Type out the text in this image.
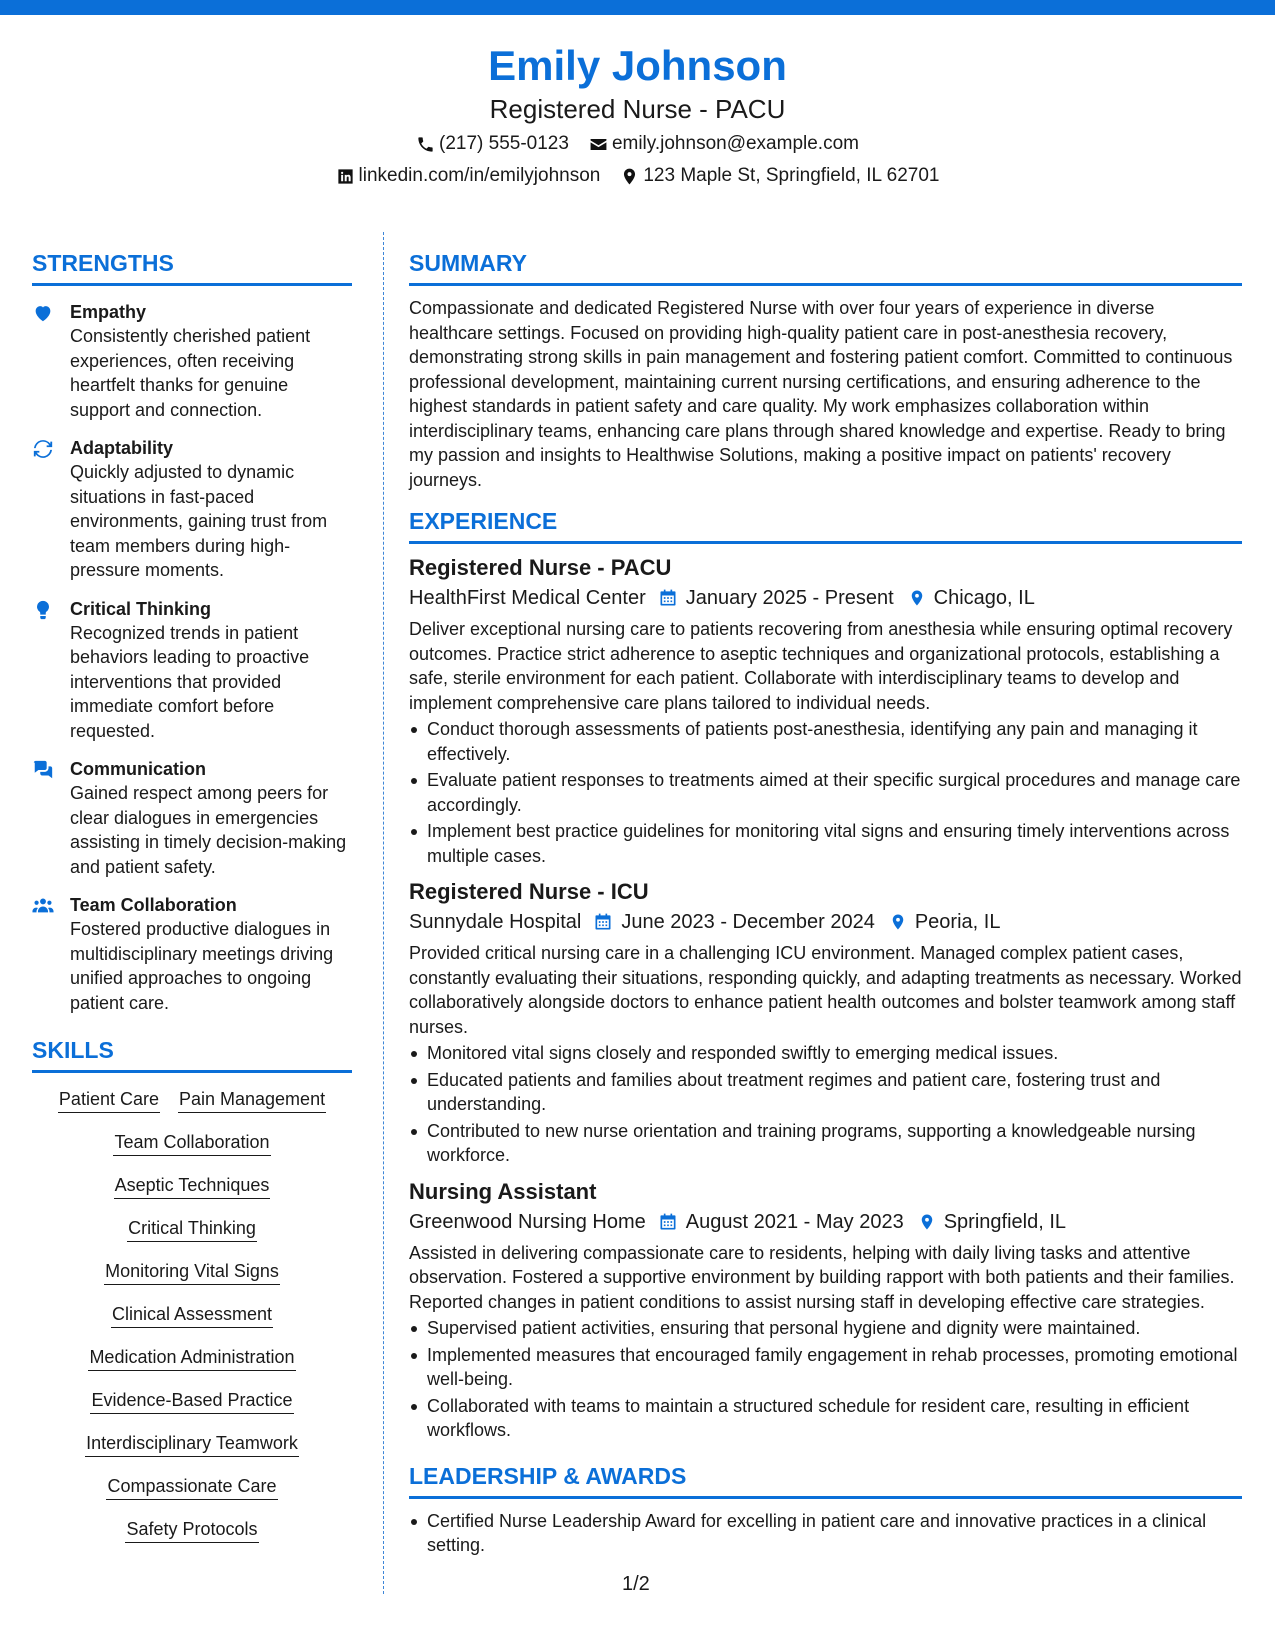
Emily Johnson
Registered Nurse - PACU
(217) 555-0123 emily.johnson@example.com
linkedin.com/in/emilyjohnson 123 Maple St, Springfield, IL 62701
STRENGTHS
Empathy
Consistently cherished patient experiences, often receiving heartfelt thanks for genuine support and connection.
Adaptability
Quickly adjusted to dynamic situations in fast-paced environments, gaining trust from team members during high-pressure moments.
Critical Thinking
Recognized trends in patient behaviors leading to proactive interventions that provided immediate comfort before requested.
Communication
Gained respect among peers for clear dialogues in emergencies assisting in timely decision-making and patient safety.
Team Collaboration
Fostered productive dialogues in multidisciplinary meetings driving unified approaches to ongoing patient care.
SKILLS
Patient Care Pain Management
Team Collaboration
Aseptic Techniques
Critical Thinking
Monitoring Vital Signs
Clinical Assessment
Medication Administration
Evidence-Based Practice
Interdisciplinary Teamwork
Compassionate Care
Safety Protocols
SUMMARY
Compassionate and dedicated Registered Nurse with over four years of experience in diverse healthcare settings. Focused on providing high-quality patient care in post-anesthesia recovery, demonstrating strong skills in pain management and fostering patient comfort. Committed to continuous professional development, maintaining current nursing certifications, and ensuring adherence to the highest standards in patient safety and care quality. My work emphasizes collaboration within interdisciplinary teams, enhancing care plans through shared knowledge and expertise. Ready to bring my passion and insights to Healthwise Solutions, making a positive impact on patients' recovery journeys.
EXPERIENCE
Registered Nurse - PACU
HealthFirst Medical Center January 2025 - Present Chicago, IL
Deliver exceptional nursing care to patients recovering from anesthesia while ensuring optimal recovery outcomes. Practice strict adherence to aseptic techniques and organizational protocols, establishing a safe, sterile environment for each patient. Collaborate with interdisciplinary teams to develop and implement comprehensive care plans tailored to individual needs.
Conduct thorough assessments of patients post-anesthesia, identifying any pain and managing it effectively.
Evaluate patient responses to treatments aimed at their specific surgical procedures and manage care accordingly.
Implement best practice guidelines for monitoring vital signs and ensuring timely interventions across multiple cases.
Registered Nurse - ICU
Sunnydale Hospital June 2023 - December 2024 Peoria, IL
Provided critical nursing care in a challenging ICU environment. Managed complex patient cases, constantly evaluating their situations, responding quickly, and adapting treatments as necessary. Worked collaboratively alongside doctors to enhance patient health outcomes and bolster teamwork among staff nurses.
Monitored vital signs closely and responded swiftly to emerging medical issues.
Educated patients and families about treatment regimes and patient care, fostering trust and understanding.
Contributed to new nurse orientation and training programs, supporting a knowledgeable nursing workforce.
Nursing Assistant
Greenwood Nursing Home August 2021 - May 2023 Springfield, IL
Assisted in delivering compassionate care to residents, helping with daily living tasks and attentive observation. Fostered a supportive environment by building rapport with both patients and their families. Reported changes in patient conditions to assist nursing staff in developing effective care strategies.
Supervised patient activities, ensuring that personal hygiene and dignity were maintained.
Implemented measures that encouraged family engagement in rehab processes, promoting emotional well-being.
Collaborated with teams to maintain a structured schedule for resident care, resulting in efficient workflows.
LEADERSHIP & AWARDS
Certified Nurse Leadership Award for excelling in patient care and innovative practices in a clinical setting.
1/2
